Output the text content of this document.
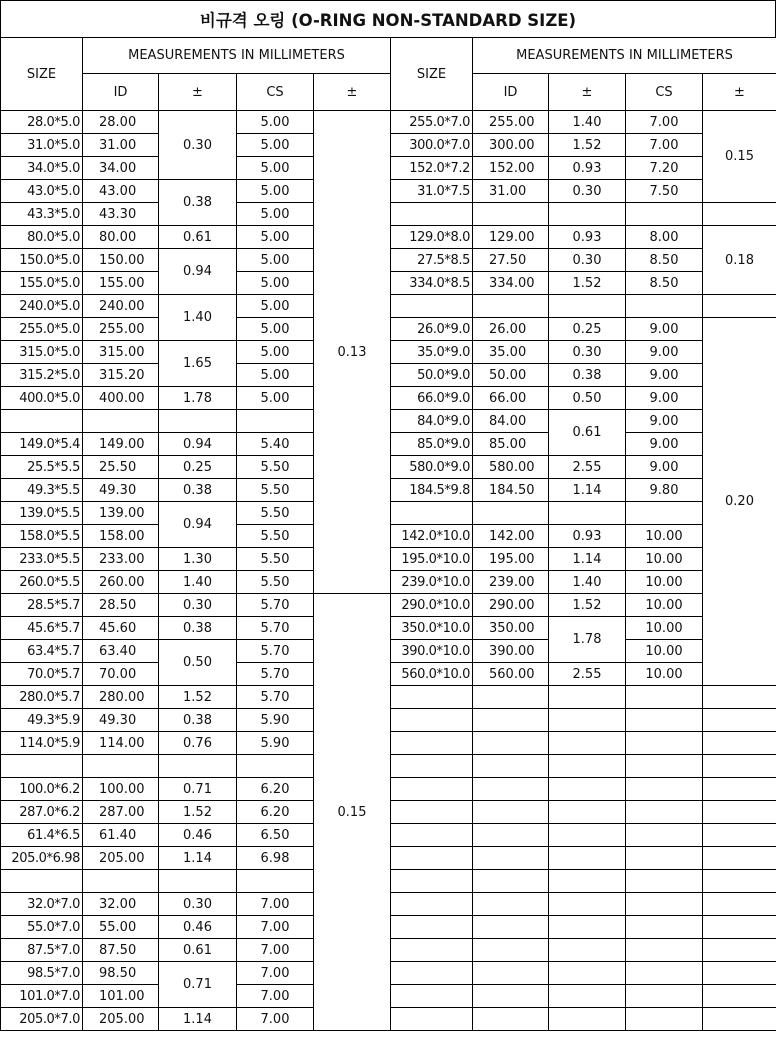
비규격 오링 (O-RING NON-STANDARD SIZE)
SIZE	MEASUREMENTS IN MILLIMETERS				SIZE	MEASUREMENTS IN MILLIMETERS			
	ID	±	CS	±		ID	±	CS	±
28.0*5.0	28.00	0.30	5.00	0.13	255.0*7.0	255.00	1.40	7.00	0.15
31.0*5.0	31.00		5.00		300.0*7.0	300.00	1.52	7.00	
34.0*5.0	34.00		5.00		152.0*7.2	152.00	0.93	7.20	
43.0*5.0	43.00	0.38	5.00		31.0*7.5	31.00	0.30	7.50	
43.3*5.0	43.30		5.00						
80.0*5.0	80.00	0.61	5.00		129.0*8.0	129.00	0.93	8.00	0.18
150.0*5.0	150.00	0.94	5.00		27.5*8.5	27.50	0.30	8.50	
155.0*5.0	155.00		5.00		334.0*8.5	334.00	1.52	8.50	
240.0*5.0	240.00	1.40	5.00						
255.0*5.0	255.00		5.00		26.0*9.0	26.00	0.25	9.00	0.20
315.0*5.0	315.00	1.65	5.00		35.0*9.0	35.00	0.30	9.00	
315.2*5.0	315.20		5.00		50.0*9.0	50.00	0.38	9.00	
400.0*5.0	400.00	1.78	5.00		66.0*9.0	66.00	0.50	9.00	
					84.0*9.0	84.00	0.61	9.00	
149.0*5.4	149.00	0.94	5.40		85.0*9.0	85.00		9.00	
25.5*5.5	25.50	0.25	5.50		580.0*9.0	580.00	2.55	9.00	
49.3*5.5	49.30	0.38	5.50		184.5*9.8	184.50	1.14	9.80	
139.0*5.5	139.00	0.94	5.50						
158.0*5.5	158.00		5.50		142.0*10.0	142.00	0.93	10.00	
233.0*5.5	233.00	1.30	5.50		195.0*10.0	195.00	1.14	10.00	
260.0*5.5	260.00	1.40	5.50		239.0*10.0	239.00	1.40	10.00	
28.5*5.7	28.50	0.30	5.70	0.15	290.0*10.0	290.00	1.52	10.00	
45.6*5.7	45.60	0.38	5.70		350.0*10.0	350.00	1.78	10.00	
63.4*5.7	63.40	0.50	5.70		390.0*10.0	390.00		10.00	
70.0*5.7	70.00		5.70		560.0*10.0	560.00	2.55	10.00	
280.0*5.7	280.00	1.52	5.70						
49.3*5.9	49.30	0.38	5.90						
114.0*5.9	114.00	0.76	5.90						

100.0*6.2	100.00	0.71	6.20						
287.0*6.2	287.00	1.52	6.20						
61.4*6.5	61.40	0.46	6.50						
205.0*6.98	205.00	1.14	6.98						

32.0*7.0	32.00	0.30	7.00						
55.0*7.0	55.00	0.46	7.00						
87.5*7.0	87.50	0.61	7.00						
98.5*7.0	98.50	0.71	7.00						
101.0*7.0	101.00		7.00						
205.0*7.0	205.00	1.14	7.00						
